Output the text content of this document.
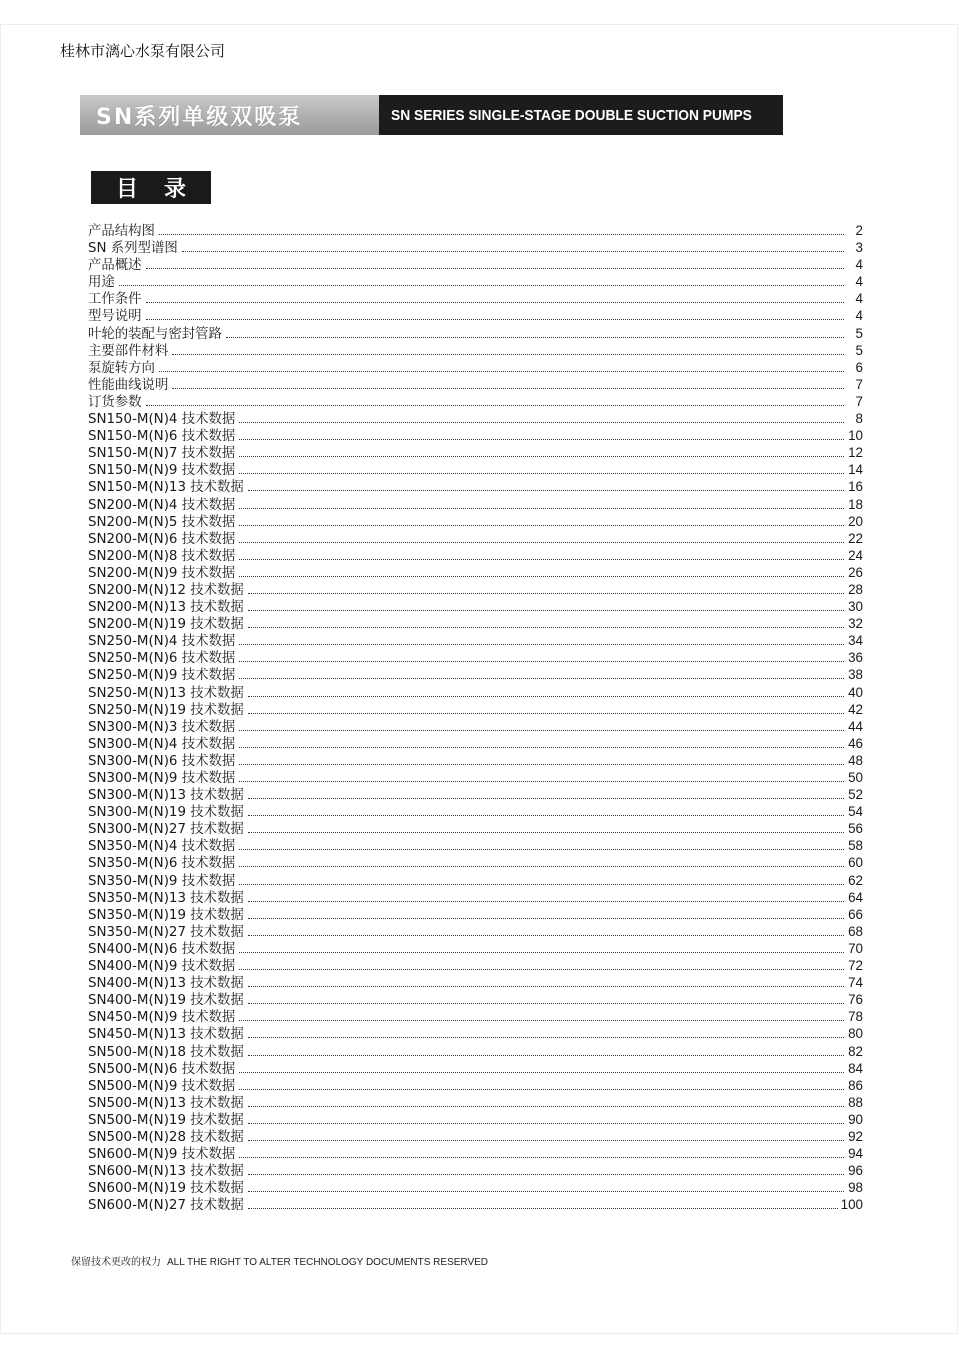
桂林市漓心水泵有限公司
SN系列单级双吸泵	SN SERIES SINGLE-STAGE DOUBLE SUCTION PUMPS
目 录
产品结构图	2
SN 系列型谱图	3
产品概述	4
用途	4
工作条件	4
型号说明	4
叶轮的装配与密封管路	5
主要部件材料	5
泵旋转方向	6
性能曲线说明	7
订货参数	7
SN150-M(N)4 技术数据	8
SN150-M(N)6 技术数据	10
SN150-M(N)7 技术数据	12
SN150-M(N)9 技术数据	14
SN150-M(N)13 技术数据	16
SN200-M(N)4 技术数据	18
SN200-M(N)5 技术数据	20
SN200-M(N)6 技术数据	22
SN200-M(N)8 技术数据	24
SN200-M(N)9 技术数据	26
SN200-M(N)12 技术数据	28
SN200-M(N)13 技术数据	30
SN200-M(N)19 技术数据	32
SN250-M(N)4 技术数据	34
SN250-M(N)6 技术数据	36
SN250-M(N)9 技术数据	38
SN250-M(N)13 技术数据	40
SN250-M(N)19 技术数据	42
SN300-M(N)3 技术数据	44
SN300-M(N)4 技术数据	46
SN300-M(N)6 技术数据	48
SN300-M(N)9 技术数据	50
SN300-M(N)13 技术数据	52
SN300-M(N)19 技术数据	54
SN300-M(N)27 技术数据	56
SN350-M(N)4 技术数据	58
SN350-M(N)6 技术数据	60
SN350-M(N)9 技术数据	62
SN350-M(N)13 技术数据	64
SN350-M(N)19 技术数据	66
SN350-M(N)27 技术数据	68
SN400-M(N)6 技术数据	70
SN400-M(N)9 技术数据	72
SN400-M(N)13 技术数据	74
SN400-M(N)19 技术数据	76
SN450-M(N)9 技术数据	78
SN450-M(N)13 技术数据	80
SN500-M(N)18 技术数据	82
SN500-M(N)6 技术数据	84
SN500-M(N)9 技术数据	86
SN500-M(N)13 技术数据	88
SN500-M(N)19 技术数据	90
SN500-M(N)28 技术数据	92
SN600-M(N)9 技术数据	94
SN600-M(N)13 技术数据	96
SN600-M(N)19 技术数据	98
SN600-M(N)27 技术数据	100
保留技术更改的权力 ALL THE RIGHT TO ALTER TECHNOLOGY DOCUMENTS RESERVED
